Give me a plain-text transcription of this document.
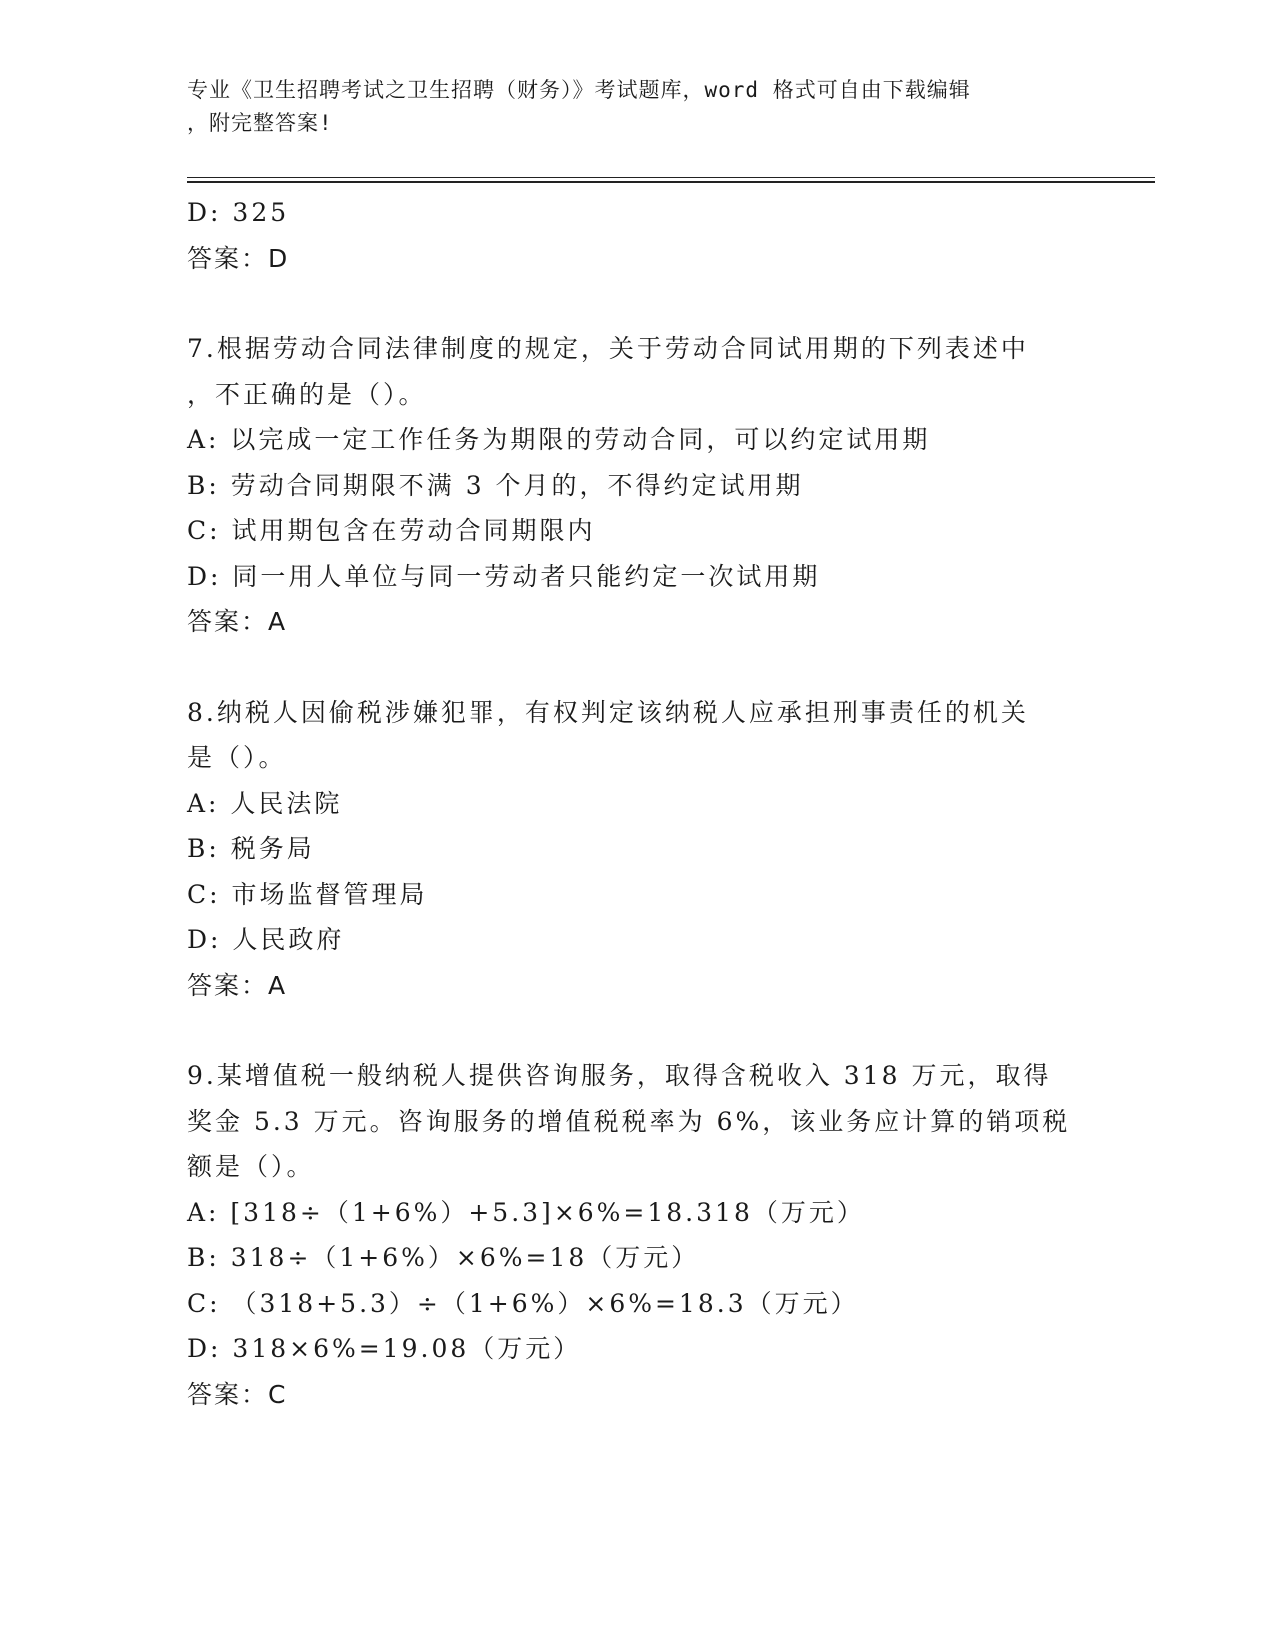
专业《卫生招聘考试之卫生招聘（财务）》考试题库，word 格式可自由下载编辑
，附完整答案!
D: 325
答案：D
7.根据劳动合同法律制度的规定，关于劳动合同试用期的下列表述中
，不正确的是（）。
A: 以完成一定工作任务为期限的劳动合同，可以约定试用期
B: 劳动合同期限不满 3 个月的，不得约定试用期
C: 试用期包含在劳动合同期限内
D: 同一用人单位与同一劳动者只能约定一次试用期
答案：A
8.纳税人因偷税涉嫌犯罪，有权判定该纳税人应承担刑事责任的机关
是（）。
A: 人民法院
B: 税务局
C: 市场监督管理局
D: 人民政府
答案：A
9.某增值税一般纳税人提供咨询服务，取得含税收入 318 万元，取得
奖金 5.3 万元。咨询服务的增值税税率为 6%，该业务应计算的销项税
额是（）。
A: [318÷（1+6%）+5.3]×6%=18.318（万元）
B: 318÷（1+6%）×6%=18（万元）
C: （318+5.3）÷（1+6%）×6%=18.3（万元）
D: 318×6%=19.08（万元）
答案：C
